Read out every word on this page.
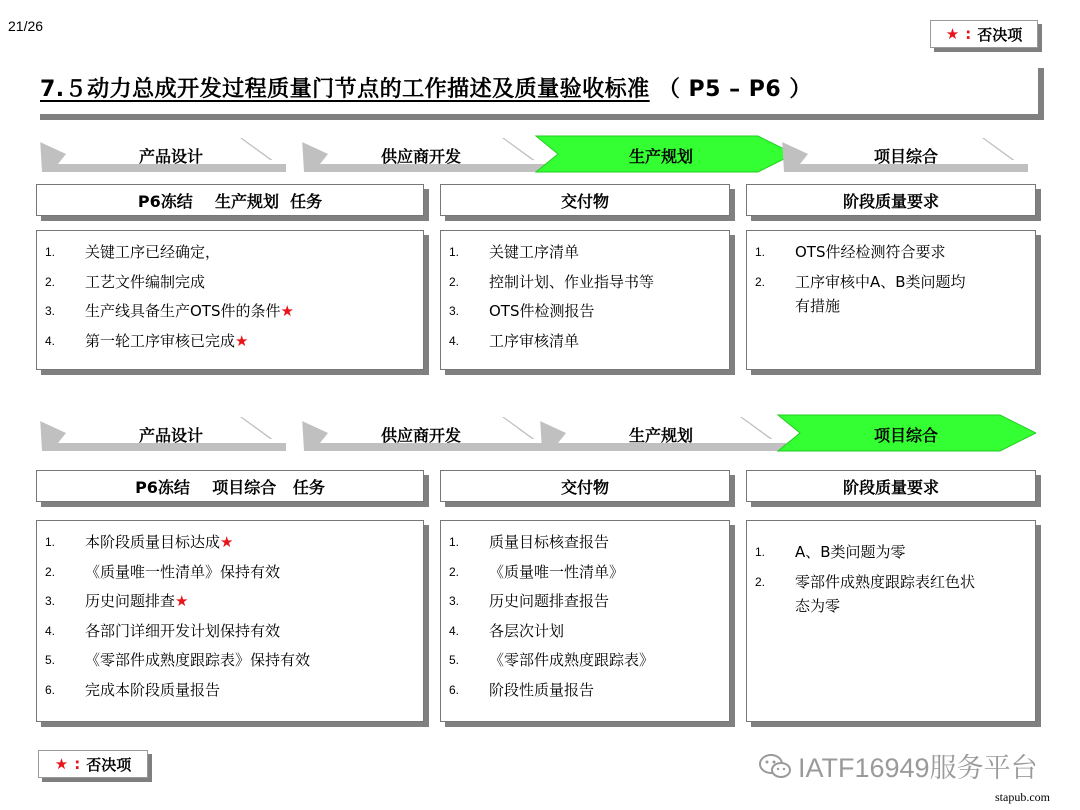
21/26	★ : 否决项
7.５动力总成开发过程质量门节点的工作描述及质量验收标准 （ P5 – P6 ）
产品设计	供应商开发	生产规划	项目综合
P6冻结    生产规划  任务	交付物	阶段质量要求
1. 关键工序已经确定，
2. 工艺文件编制完成
3. 生产线具备生产OTS件的条件★
4. 第一轮工序审核已完成★
1. 关键工序清单
2. 控制计划、作业指导书等
3. OTS件检测报告
4. 工序审核清单
1. OTS件经检测符合要求
2. 工序审核中A、B类问题均有措施
产品设计	供应商开发	生产规划	项目综合
P6冻结    项目综合   任务	交付物	阶段质量要求
1. 本阶段质量目标达成★
2. 《质量唯一性清单》保持有效
3. 历史问题排查★
4. 各部门详细开发计划保持有效
5. 《零部件成熟度跟踪表》保持有效
6. 完成本阶段质量报告
1. 质量目标核查报告
2. 《质量唯一性清单》
3. 历史问题排查报告
4. 各层次计划
5. 《零部件成熟度跟踪表》
6. 阶段性质量报告
1. A、B类问题为零
2. 零部件成熟度跟踪表红色状态为零
★ : 否决项	IATF16949服务平台
stapub.com
